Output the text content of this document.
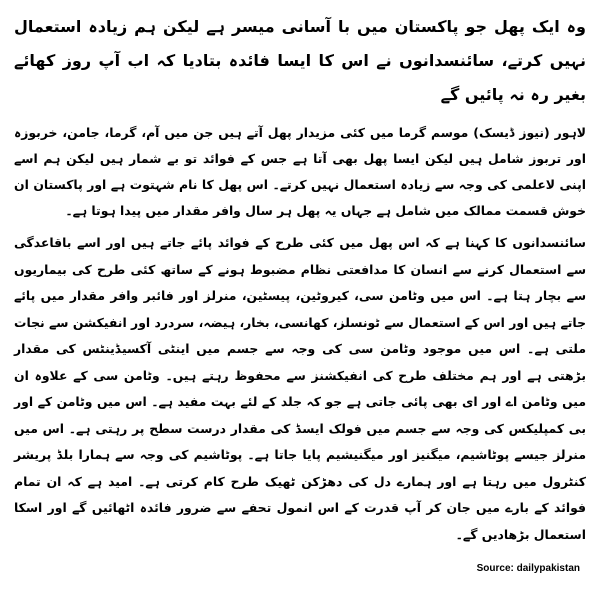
وہ ایک پھل جو پاکستان میں با آسانی میسر ہے لیکن ہم زیادہ استعمال نہیں کرتے، سائنسدانوں نے اس کا ایسا فائدہ بتادیا کہ اب آپ روز کھائے بغیر رہ نہ پائیں گے

لاہور (نیوز ڈیسک) موسم گرما میں کئی مزیدار پھل آتے ہیں جن میں آم، گرما، جامن، خربوزہ اور تربوز شامل ہیں لیکن ایسا پھل بھی آتا ہے جس کے فوائد تو بے شمار ہیں لیکن ہم اسے اپنی لاعلمی کی وجہ سے زیادہ استعمال نہیں کرتے۔ اس پھل کا نام شہتوت ہے اور پاکستان ان خوش قسمت ممالک میں شامل ہے جہاں یہ پھل ہر سال وافر مقدار میں پیدا ہوتا ہے۔

سائنسدانوں کا کہنا ہے کہ اس پھل میں کئی طرح کے فوائد پائے جاتے ہیں اور اسے باقاعدگی سے استعمال کرنے سے انسان کا مدافعتی نظام مضبوط ہونے کے ساتھ کئی طرح کی بیماریوں سے بچار ہتا ہے۔ اس میں وٹامن سی، کیروٹین، پیسٹین، منرلز اور فائبر وافر مقدار میں پائے جاتے ہیں اور اس کے استعمال سے ٹونسلز، کھانسی، بخار، ہیضہ، سردرد اور انفیکشن سے نجات ملتی ہے۔ اس میں موجود وٹامن سی کی وجہ سے جسم میں اینٹی آکسیڈینٹس کی مقدار بڑھتی ہے اور ہم مختلف طرح کی انفیکشنز سے محفوظ رہتے ہیں۔ وٹامن سی کے علاوہ ان میں وٹامن اے اور ای بھی پائی جاتی ہے جو کہ جلد کے لئے بہت مفید ہے۔ اس میں وٹامن کے اور بی کمپلیکس کی وجہ سے جسم میں فولک ایسڈ کی مقدار درست سطح پر رہتی ہے۔ اس میں منرلز جیسے پوٹاشیم، میگنیز اور میگنیشیم پایا جاتا ہے۔ پوٹاشیم کی وجہ سے ہمارا بلڈ پریشر کنٹرول میں رہتا ہے اور ہمارے دل کی دھڑکن ٹھیک طرح کام کرتی ہے۔ امید ہے کہ ان تمام فوائد کے بارے میں جان کر آپ قدرت کے اس انمول تحفے سے ضرور فائدہ اٹھائیں گے اور اسکا استعمال بڑھادیں گے۔

Source: dailypakistan
